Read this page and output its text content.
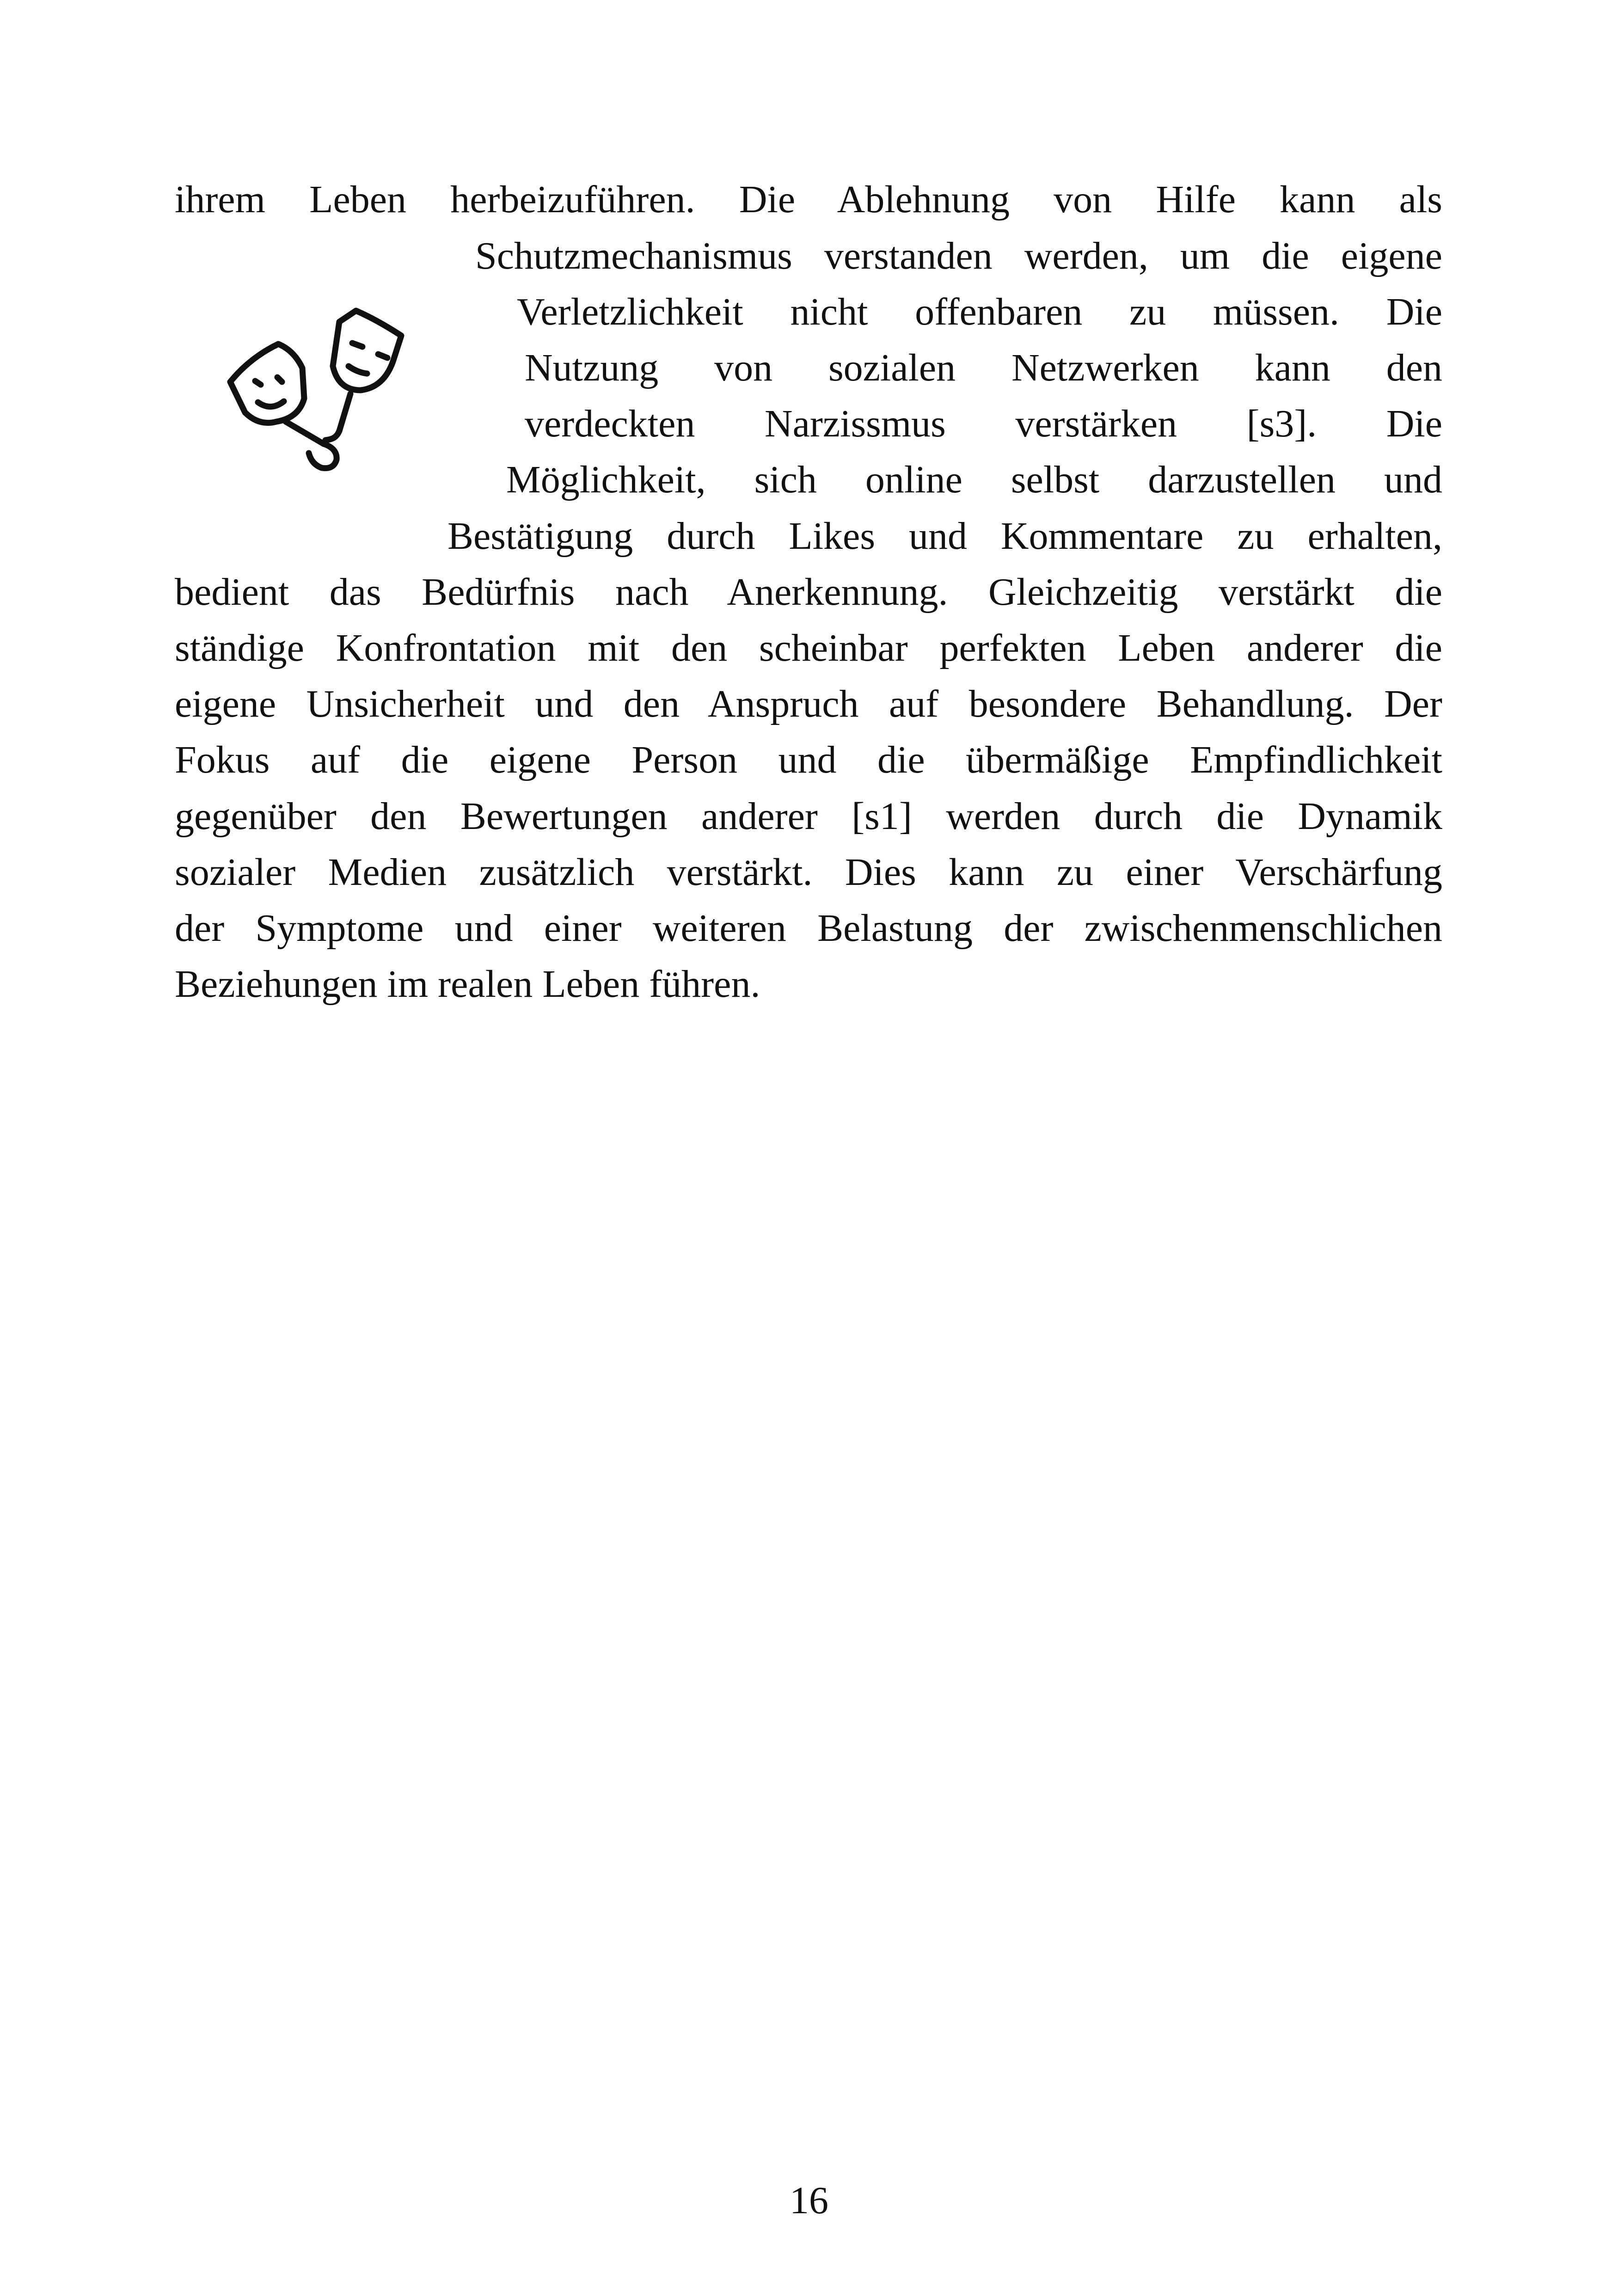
ihrem Leben herbeizuführen. Die Ablehnung von Hilfe kann als
Schutzmechanismus verstanden werden, um die eigene
Verletzlichkeit nicht offenbaren zu müssen. Die
Nutzung von sozialen Netzwerken kann den
verdeckten Narzissmus verstärken [s3]. Die
Möglichkeit, sich online selbst darzustellen und
Bestätigung durch Likes und Kommentare zu erhalten,
bedient das Bedürfnis nach Anerkennung. Gleichzeitig verstärkt die
ständige Konfrontation mit den scheinbar perfekten Leben anderer die
eigene Unsicherheit und den Anspruch auf besondere Behandlung. Der
Fokus auf die eigene Person und die übermäßige Empfindlichkeit
gegenüber den Bewertungen anderer [s1] werden durch die Dynamik
sozialer Medien zusätzlich verstärkt. Dies kann zu einer Verschärfung
der Symptome und einer weiteren Belastung der zwischenmenschlichen
Beziehungen im realen Leben führen.
16
